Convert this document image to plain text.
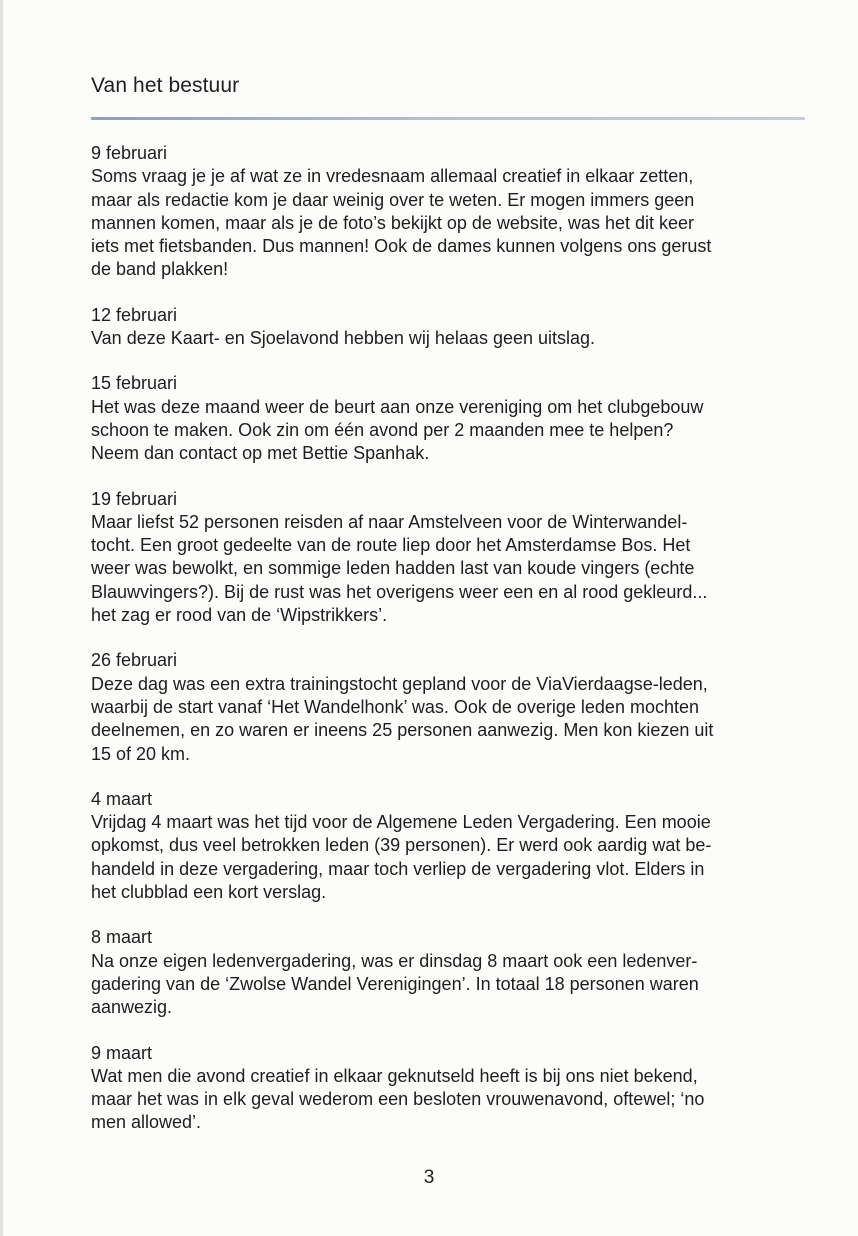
Van het bestuur
9 februari
Soms vraag je je af wat ze in vredesnaam allemaal creatief in elkaar zetten,
maar als redactie kom je daar weinig over te weten. Er mogen immers geen
mannen komen, maar als je de foto’s bekijkt op de website, was het dit keer
iets met fietsbanden. Dus mannen! Ook de dames kunnen volgens ons gerust
de band plakken!
12 februari
Van deze Kaart- en Sjoelavond hebben wij helaas geen uitslag.
15 februari
Het was deze maand weer de beurt aan onze vereniging om het clubgebouw
schoon te maken. Ook zin om één avond per 2 maanden mee te helpen?
Neem dan contact op met Bettie Spanhak.
19 februari
Maar liefst 52 personen reisden af naar Amstelveen voor de Winterwandel-
tocht. Een groot gedeelte van de route liep door het Amsterdamse Bos. Het
weer was bewolkt, en sommige leden hadden last van koude vingers (echte
Blauwvingers?). Bij de rust was het overigens weer een en al rood gekleurd...
het zag er rood van de ‘Wipstrikkers’.
26 februari
Deze dag was een extra trainingstocht gepland voor de ViaVierdaagse-leden,
waarbij de start vanaf ‘Het Wandelhonk’ was. Ook de overige leden mochten
deelnemen, en zo waren er ineens 25 personen aanwezig. Men kon kiezen uit
15 of 20 km.
4 maart
Vrijdag 4 maart was het tijd voor de Algemene Leden Vergadering. Een mooie
opkomst, dus veel betrokken leden (39 personen). Er werd ook aardig wat be-
handeld in deze vergadering, maar toch verliep de vergadering vlot. Elders in
het clubblad een kort verslag.
8 maart
Na onze eigen ledenvergadering, was er dinsdag 8 maart ook een ledenver-
gadering van de ‘Zwolse Wandel Verenigingen’. In totaal 18 personen waren
aanwezig.
9 maart
Wat men die avond creatief in elkaar geknutseld heeft is bij ons niet bekend,
maar het was in elk geval wederom een besloten vrouwenavond, oftewel; ‘no
men allowed’.
3
